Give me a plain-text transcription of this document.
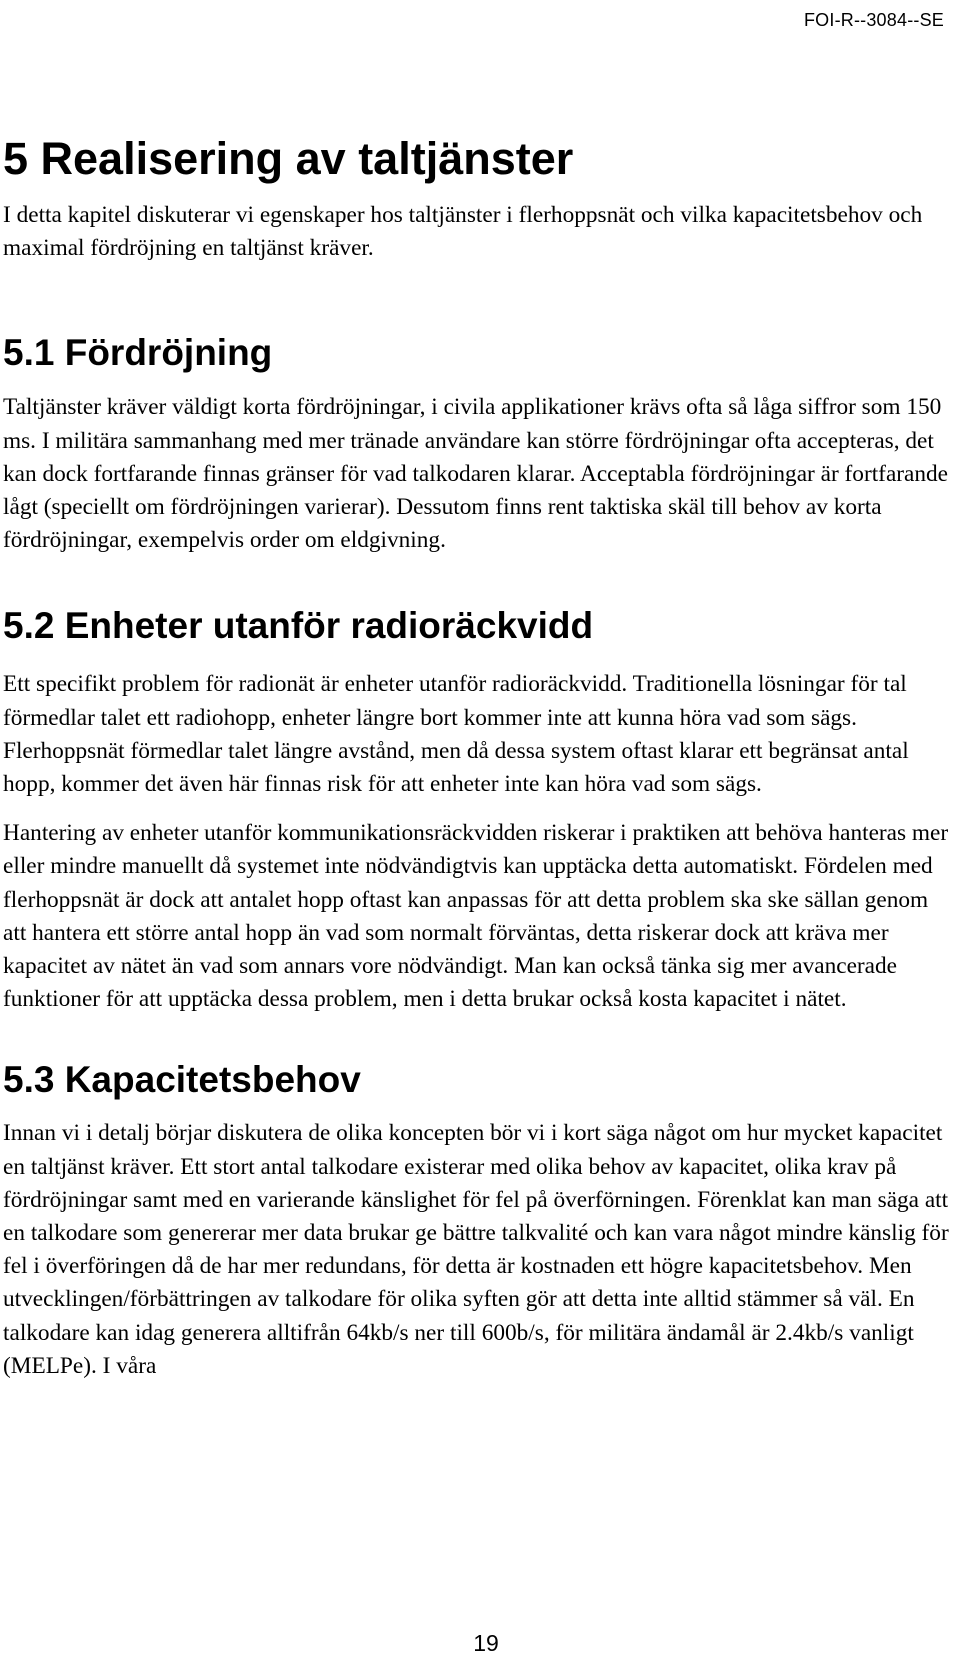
FOI-R--3084--SE

5 Realisering av taltjänster

I detta kapitel diskuterar vi egenskaper hos taltjänster i flerhoppsnät och vilka kapacitetsbehov och maximal fördröjning en taltjänst kräver.

5.1 Fördröjning

Taltjänster kräver väldigt korta fördröjningar, i civila applikationer krävs ofta så låga siffror som 150 ms. I militära sammanhang med mer tränade användare kan större fördröjningar ofta accepteras, det kan dock fortfarande finnas gränser för vad talkodaren klarar. Acceptabla fördröjningar är fortfarande lågt (speciellt om fördröjningen varierar). Dessutom finns rent taktiska skäl till behov av korta fördröjningar, exempelvis order om eldgivning.

5.2 Enheter utanför radioräckvidd

Ett specifikt problem för radionät är enheter utanför radioräckvidd. Traditionella lösningar för tal förmedlar talet ett radiohopp, enheter längre bort kommer inte att kunna höra vad som sägs. Flerhoppsnät förmedlar talet längre avstånd, men då dessa system oftast klarar ett begränsat antal hopp, kommer det även här finnas risk för att enheter inte kan höra vad som sägs.

Hantering av enheter utanför kommunikationsräckvidden riskerar i praktiken att behöva hanteras mer eller mindre manuellt då systemet inte nödvändigtvis kan upptäcka detta automatiskt. Fördelen med flerhoppsnät är dock att antalet hopp oftast kan anpassas för att detta problem ska ske sällan genom att hantera ett större antal hopp än vad som normalt förväntas, detta riskerar dock att kräva mer kapacitet av nätet än vad som annars vore nödvändigt. Man kan också tänka sig mer avancerade funktioner för att upptäcka dessa problem, men i detta brukar också kosta kapacitet i nätet.

5.3 Kapacitetsbehov

Innan vi i detalj börjar diskutera de olika koncepten bör vi i kort säga något om hur mycket kapacitet en taltjänst kräver. Ett stort antal talkodare existerar med olika behov av kapacitet, olika krav på fördröjningar samt med en varierande känslighet för fel på överförningen. Förenklat kan man säga att en talkodare som genererar mer data brukar ge bättre talkvalité och kan vara något mindre känslig för fel i överföringen då de har mer redundans, för detta är kostnaden ett högre kapacitetsbehov. Men utvecklingen/förbättringen av talkodare för olika syften gör att detta inte alltid stämmer så väl. En talkodare kan idag generera alltifrån 64kb/s ner till 600b/s, för militära ändamål är 2.4kb/s vanligt (MELPe). I våra

19
